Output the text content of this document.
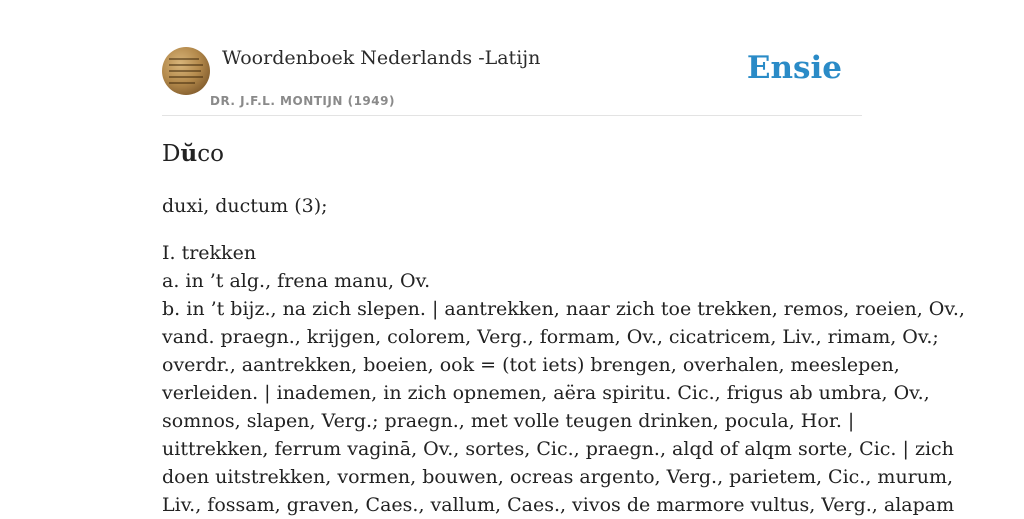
Woordenboek Nederlands -Latijn
DR. J.F.L. MONTIJN (1949)
Ensie
Dŭco

duxi, ductum (3);

I. trekken
a. in ’t alg., frena manu, Ov.
b. in ’t bijz., na zich slepen. | aantrekken, naar zich toe trekken, remos, roeien, Ov.,
vand. praegn., krijgen, colorem, Verg., formam, Ov., cicatricem, Liv., rimam, Ov.;
overdr., aantrekken, boeien, ook = (tot iets) brengen, overhalen, meeslepen,
verleiden. | inademen, in zich opnemen, aëra spiritu. Cic., frigus ab umbra, Ov.,
somnos, slapen, Verg.; praegn., met volle teugen drinken, pocula, Hor. |
uittrekken, ferrum vaginā, Ov., sortes, Cic., praegn., alqd of alqm sorte, Cic. | zich
doen uitstrekken, vormen, bouwen, ocreas argento, Verg., parietem, Cic., murum,
Liv., fossam, graven, Caes., vallum, Caes., vivos de marmore vultus, Verg., alapam
